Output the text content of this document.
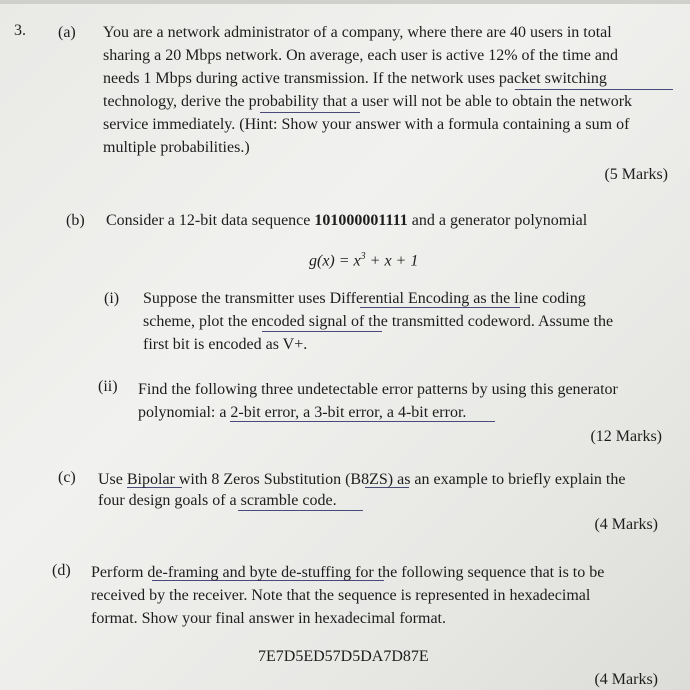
3. (a) You are a network administrator of a company, where there are 40 users in total
sharing a 20 Mbps network. On average, each user is active 12% of the time and
needs 1 Mbps during active transmission. If the network uses packet switching
technology, derive the probability that a user will not be able to obtain the network
service immediately. (Hint: Show your answer with a formula containing a sum of
multiple probabilities.)
(5 Marks)
(b) Consider a 12-bit data sequence 101000001111 and a generator polynomial
$g(x) = x^3 + x + 1$
(i) Suppose the transmitter uses Differential Encoding as the line coding
scheme, plot the encoded signal of the transmitted codeword. Assume the
first bit is encoded as V+.
(ii) Find the following three undetectable error patterns by using this generator
polynomial: a 2-bit error, a 3-bit error, a 4-bit error.
(12 Marks)
(c) Use Bipolar with 8 Zeros Substitution (B8ZS) as an example to briefly explain the
four design goals of a scramble code.
(4 Marks)
(d) Perform de-framing and byte de-stuffing for the following sequence that is to be
received by the receiver. Note that the sequence is represented in hexadecimal
format. Show your final answer in hexadecimal format.
7E7D5ED57D5DA7D87E
(4 Marks)
